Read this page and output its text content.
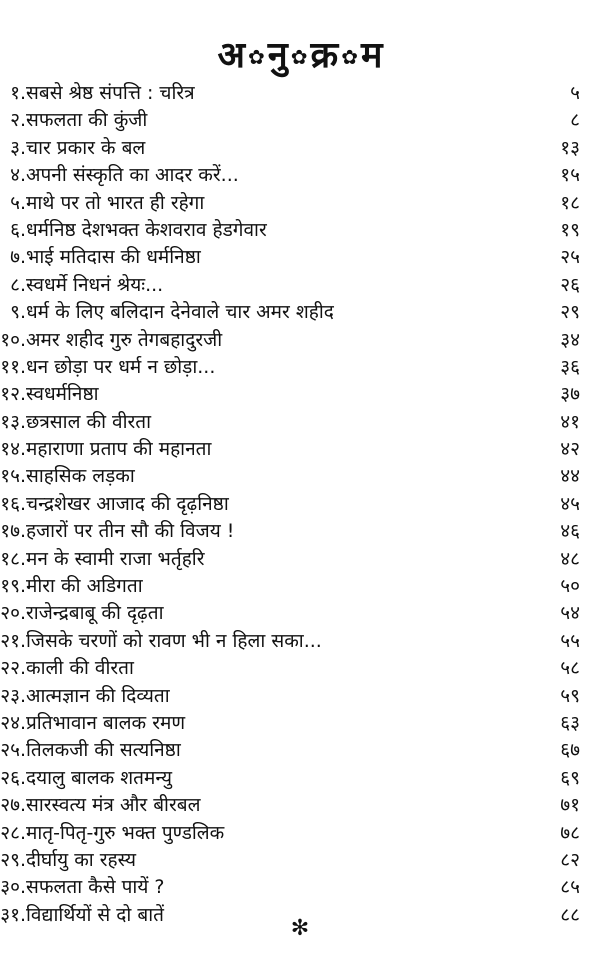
अ ✿ नु ✿ क्र ✿ म
१. सबसे श्रेष्ठ संपत्ति : चरित्र	५
२. सफलता की कुंजी	८
३. चार प्रकार के बल	१३
४. अपनी संस्कृति का आदर करें...	१५
५. माथे पर तो भारत ही रहेगा	१८
६. धर्मनिष्ठ देशभक्त केशवराव हेडगेवार	१९
७. भाई मतिदास की धर्मनिष्ठा	२५
८. स्वधर्मे निधनं श्रेयः...	२६
९. धर्म के लिए बलिदान देनेवाले चार अमर शहीद	२९
१०. अमर शहीद गुरु तेगबहादुरजी	३४
११. धन छोड़ा पर धर्म न छोड़ा...	३६
१२. स्वधर्मनिष्ठा	३७
१३. छत्रसाल की वीरता	४१
१४. महाराणा प्रताप की महानता	४२
१५. साहसिक लड़का	४४
१६. चन्द्रशेखर आजाद की दृढ़निष्ठा	४५
१७. हजारों पर तीन सौ की विजय !	४६
१८. मन के स्वामी राजा भर्तृहरि	४८
१९. मीरा की अडिगता	५०
२०. राजेन्द्रबाबू की दृढ़ता	५४
२१. जिसके चरणों को रावण भी न हिला सका...	५५
२२. काली की वीरता	५८
२३. आत्मज्ञान की दिव्यता	५९
२४. प्रतिभावान बालक रमण	६३
२५. तिलकजी की सत्यनिष्ठा	६७
२६. दयालु बालक शतमन्यु	६९
२७. सारस्वत्य मंत्र और बीरबल	७१
२८. मातृ-पितृ-गुरु भक्त पुण्डलिक	७८
२९. दीर्घायु का रहस्य	८२
३०. सफलता कैसे पायें ?	८५
३१. विद्यार्थियों से दो बातें	८८
✻
